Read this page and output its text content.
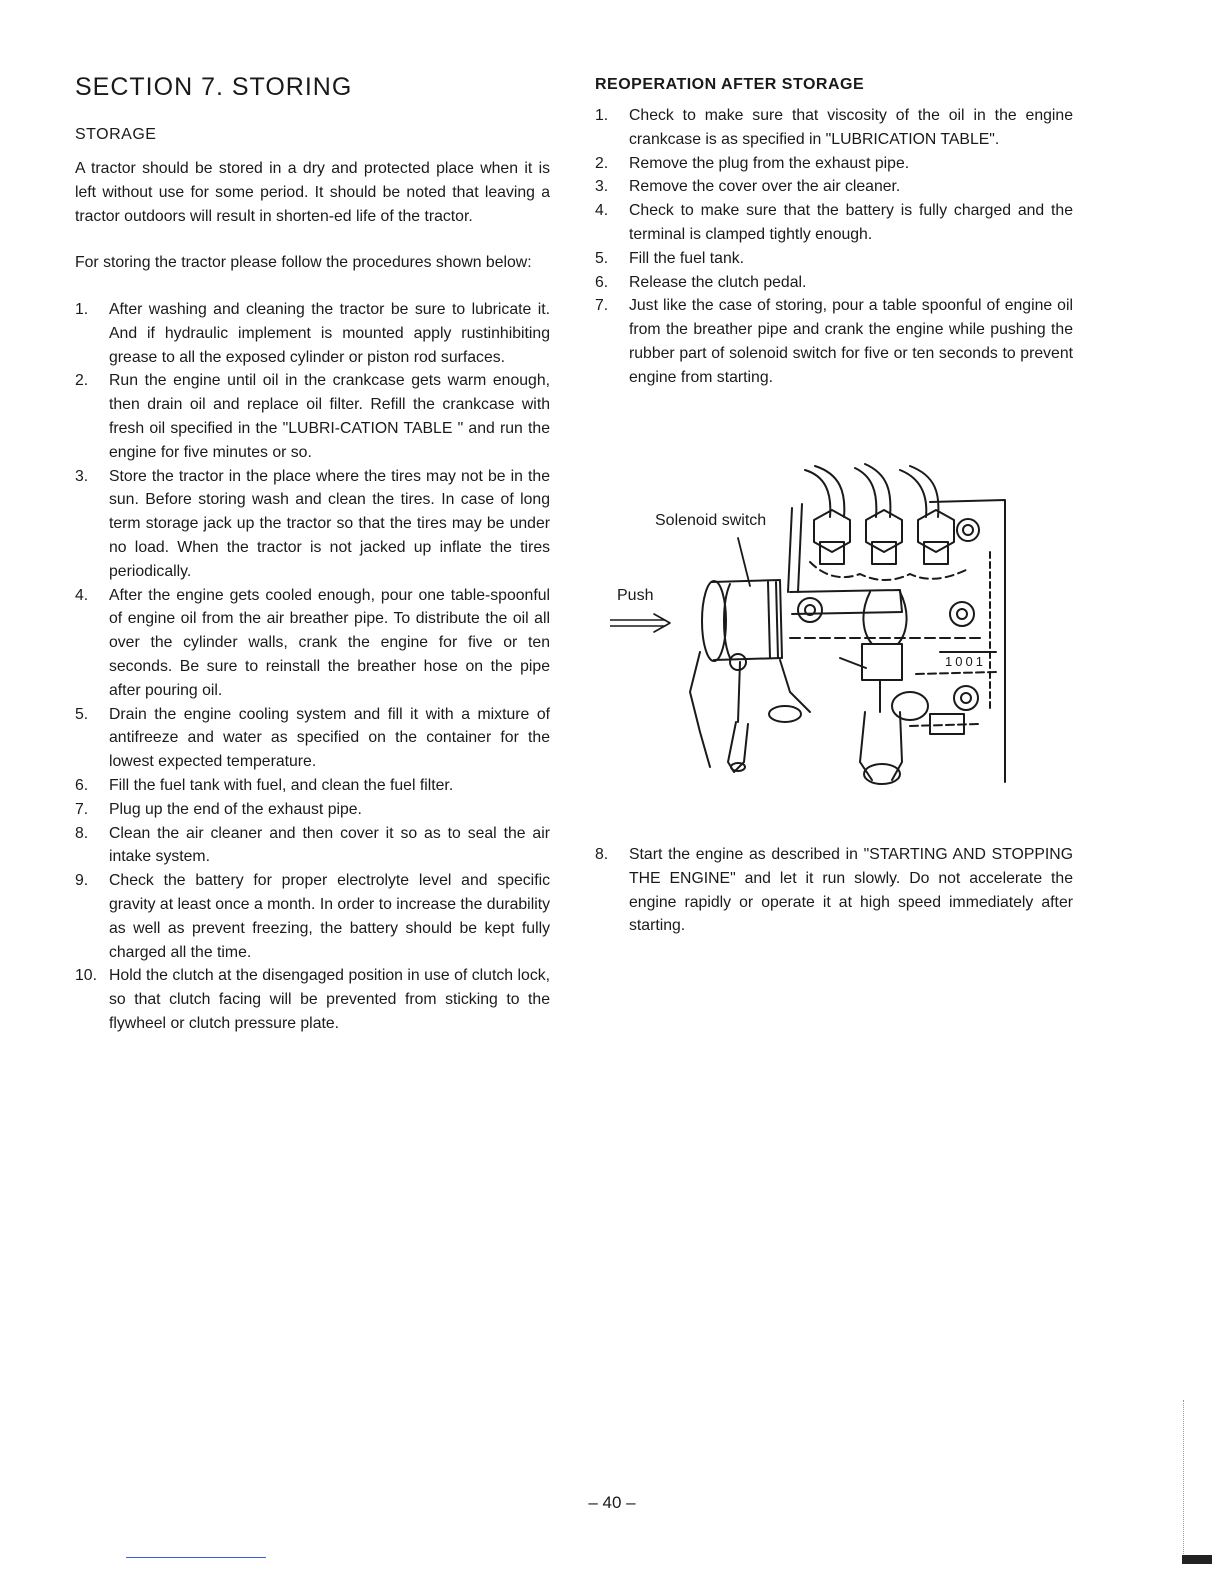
SECTION 7. STORING
STORAGE

A tractor should be stored in a dry and protected place when it is left without use for some period. It should be noted that leaving a tractor outdoors will result in shorten-ed life of the tractor.

For storing the tractor please follow the procedures shown below:

1. After washing and cleaning the tractor be sure to lubricate it. And if hydraulic implement is mounted apply rustinhibiting grease to all the exposed cylinder or piston rod surfaces.
2. Run the engine until oil in the crankcase gets warm enough, then drain oil and replace oil filter. Refill the crankcase with fresh oil specified in the "LUBRI-CATION TABLE " and run the engine for five minutes or so.
3. Store the tractor in the place where the tires may not be in the sun. Before storing wash and clean the tires. In case of long term storage jack up the tractor so that the tires may be under no load. When the tractor is not jacked up inflate the tires periodically.
4. After the engine gets cooled enough, pour one table-spoonful of engine oil from the air breather pipe. To distribute the oil all over the cylinder walls, crank the engine for five or ten seconds. Be sure to reinstall the breather hose on the pipe after pouring oil.
5. Drain the engine cooling system and fill it with a mixture of antifreeze and water as specified on the container for the lowest expected temperature.
6. Fill the fuel tank with fuel, and clean the fuel filter.
7. Plug up the end of the exhaust pipe.
8. Clean the air cleaner and then cover it so as to seal the air intake system.
9. Check the battery for proper electrolyte level and specific gravity at least once a month. In order to increase the durability as well as prevent freezing, the battery should be kept fully charged all the time.
10. Hold the clutch at the disengaged position in use of clutch lock, so that clutch facing will be prevented from sticking to the flywheel or clutch pressure plate.
REOPERATION AFTER STORAGE
1. Check to make sure that viscosity of the oil in the engine crankcase is as specified in "LUBRICATION TABLE".
2. Remove the plug from the exhaust pipe.
3. Remove the cover over the air cleaner.
4. Check to make sure that the battery is fully charged and the terminal is clamped tightly enough.
5. Fill the fuel tank.
6. Release the clutch pedal.
7. Just like the case of storing, pour a table spoonful of engine oil from the breather pipe and crank the engine while pushing the rubber part of solenoid switch for five or ten seconds to prevent engine from starting.
8. Start the engine as described in "STARTING AND STOPPING THE ENGINE" and let it run slowly. Do not accelerate the engine rapidly or operate it at high speed immediately after starting.
Solenoid switch
Push
1001
– 40 –
